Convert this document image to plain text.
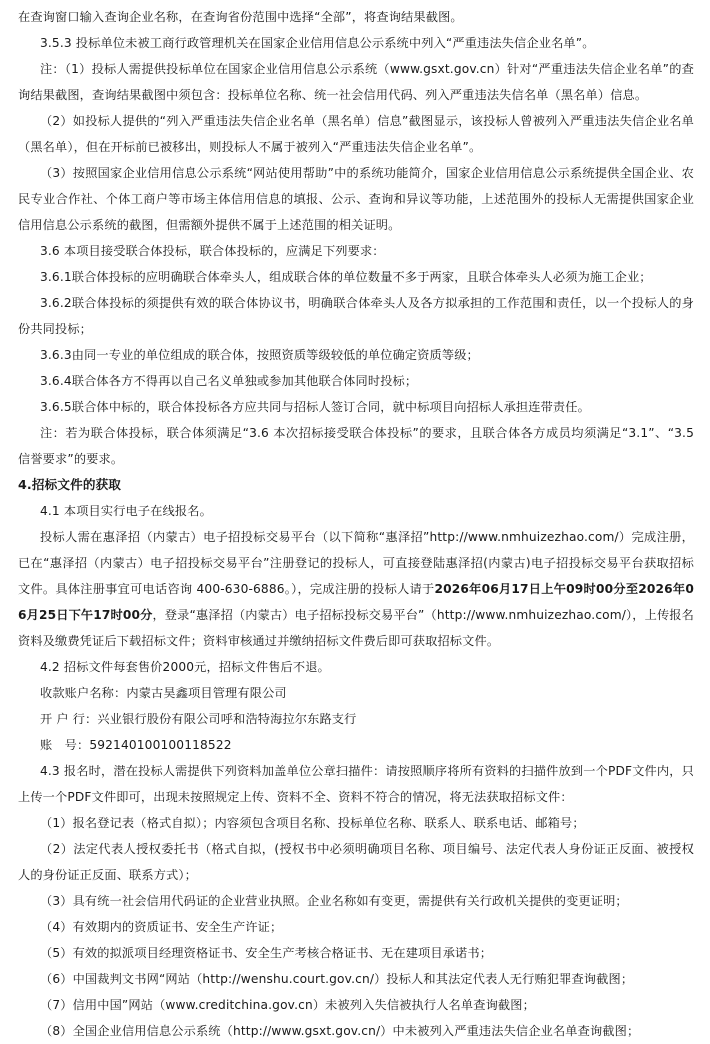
在查询窗口输入查询企业名称，在查询省份范围中选择“全部”，将查询结果截图。

3.5.3 投标单位未被工商行政管理机关在国家企业信用信息公示系统中列入“严重违法失信企业名单”。

注：（1）投标人需提供投标单位在国家企业信用信息公示系统（www.gsxt.gov.cn）针对“严重违法失信企业名单”的查询结果截图，查询结果截图中须包含：投标单位名称、统一社会信用代码、列入严重违法失信名单（黑名单）信息。

（2）如投标人提供的“列入严重违法失信企业名单（黑名单）信息”截图显示，该投标人曾被列入严重违法失信企业名单（黑名单），但在开标前已被移出，则投标人不属于被列入“严重违法失信企业名单”。

（3）按照国家企业信用信息公示系统“网站使用帮助”中的系统功能简介，国家企业信用信息公示系统提供全国企业、农民专业合作社、个体工商户等市场主体信用信息的填报、公示、查询和异议等功能，上述范围外的投标人无需提供国家企业信用信息公示系统的截图，但需额外提供不属于上述范围的相关证明。

3.6 本项目接受联合体投标，联合体投标的，应满足下列要求：

3.6.1联合体投标的应明确联合体牵头人，组成联合体的单位数量不多于两家，且联合体牵头人必须为施工企业；

3.6.2联合体投标的须提供有效的联合体协议书，明确联合体牵头人及各方拟承担的工作范围和责任，以一个投标人的身份共同投标；

3.6.3由同一专业的单位组成的联合体，按照资质等级较低的单位确定资质等级；

3.6.4联合体各方不得再以自己名义单独或参加其他联合体同时投标；

3.6.5联合体中标的，联合体投标各方应共同与招标人签订合同，就中标项目向招标人承担连带责任。

注：若为联合体投标，联合体须满足“3.6 本次招标接受联合体投标”的要求，且联合体各方成员均须满足“3.1”、“3.5 信誉要求”的要求。

4.招标文件的获取

4.1 本项目实行电子在线报名。

投标人需在惠泽招（内蒙古）电子招投标交易平台（以下简称“惠泽招”http://www.nmhuizezhao.com/）完成注册，已在“惠泽招（内蒙古）电子招投标交易平台”注册登记的投标人，可直接登陆惠泽招(内蒙古)电子招投标交易平台获取招标文件。具体注册事宜可电话咨询 400-630-6886。），完成注册的投标人请于2026年06月17日上午09时00分至2026年06月25日下午17时00分，登录“惠泽招（内蒙古）电子招标投标交易平台”（http://www.nmhuizezhao.com/），上传报名资料及缴费凭证后下载招标文件；资料审核通过并缴纳招标文件费后即可获取招标文件。

4.2 招标文件每套售价2000元，招标文件售后不退。

收款账户名称：内蒙古昊鑫项目管理有限公司

开 户 行：兴业银行股份有限公司呼和浩特海拉尔东路支行

账　号：592140100100118522

4.3 报名时，潜在投标人需提供下列资料加盖单位公章扫描件：请按照顺序将所有资料的扫描件放到一个PDF文件内，只上传一个PDF文件即可，出现未按照规定上传、资料不全、资料不符合的情况，将无法获取招标文件：

（1）报名登记表（格式自拟）；内容须包含项目名称、投标单位名称、联系人、联系电话、邮箱号；

（2）法定代表人授权委托书（格式自拟，(授权书中必须明确项目名称、项目编号、法定代表人身份证正反面、被授权人的身份证正反面、联系方式）；

（3）具有统一社会信用代码证的企业营业执照。企业名称如有变更，需提供有关行政机关提供的变更证明；

（4）有效期内的资质证书、安全生产许证；

（5）有效的拟派项目经理资格证书、安全生产考核合格证书、无在建项目承诺书；

（6）中国裁判文书网“网站（http://wenshu.court.gov.cn/）投标人和其法定代表人无行贿犯罪查询截图；

（7）信用中国”网站（www.creditchina.gov.cn）未被列入失信被执行人名单查询截图；

（8）全国企业信用信息公示系统（http://www.gsxt.gov.cn/）中未被列入严重违法失信企业名单查询截图；
